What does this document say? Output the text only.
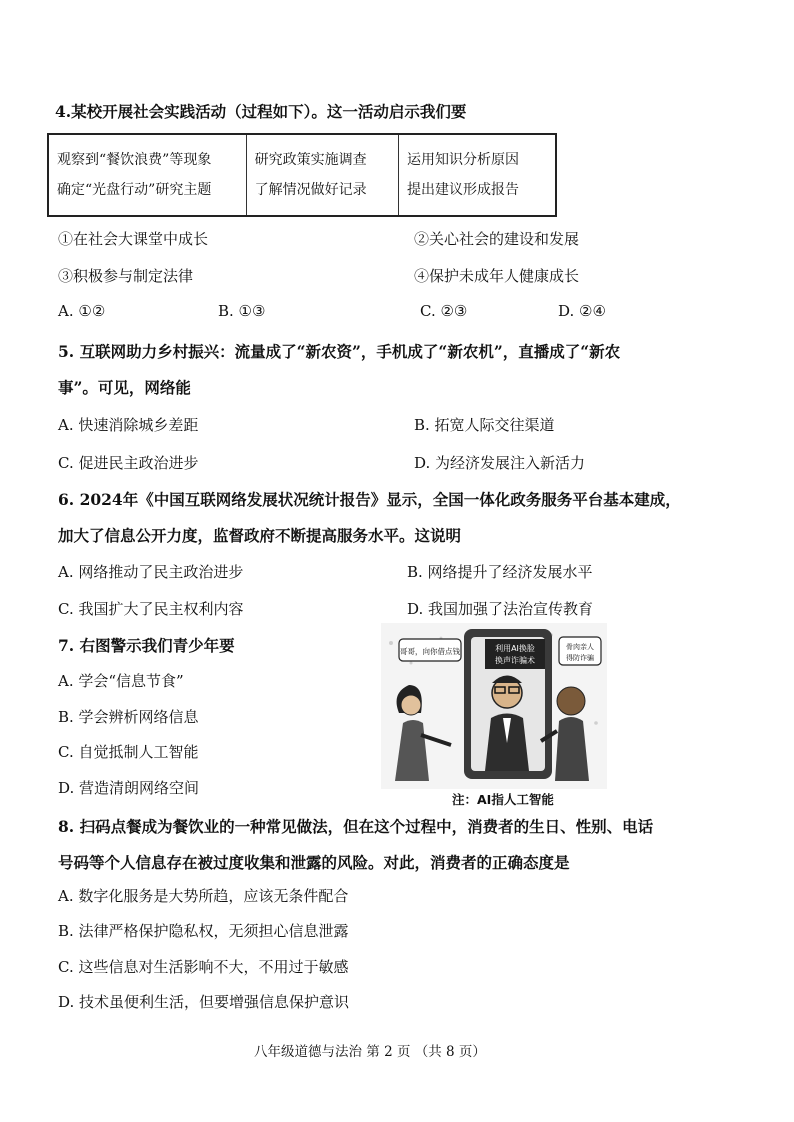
4.某校开展社会实践活动（过程如下）。这一活动启示我们要
观察到“餐饮浪费”等现象
确定“光盘行动”研究主题

研究政策实施调查
了解情况做好记录

运用知识分析原因
提出建议形成报告
①在社会大课堂中成长	②关心社会的建设和发展
③积极参与制定法律	④保护未成年人健康成长
A. ①②	B. ①③	C. ②③	D. ②④
5. 互联网助力乡村振兴：流量成了“新农资”，手机成了“新农机”，直播成了“新农
事”。可见，网络能
A. 快速消除城乡差距	B. 拓宽人际交往渠道
C. 促进民主政治进步	D. 为经济发展注入新活力
6. 2024年《中国互联网络发展状况统计报告》显示，全国一体化政务服务平台基本建成，
加大了信息公开力度，监督政府不断提高服务水平。这说明
A. 网络推动了民主政治进步	B. 网络提升了经济发展水平
C. 我国扩大了民主权利内容	D. 我国加强了法治宣传教育
7. 右图警示我们青少年要
A. 学会“信息节食”
B. 学会辨析网络信息
C. 自觉抵制人工智能
D. 营造清朗网络空间
利用AI换脸
换声诈骗术
哥哥，向你借点钱	骨肉亲人
得防诈骗
注：AI指人工智能
8. 扫码点餐成为餐饮业的一种常见做法，但在这个过程中，消费者的生日、性别、电话
号码等个人信息存在被过度收集和泄露的风险。对此，消费者的正确态度是
A. 数字化服务是大势所趋，应该无条件配合
B. 法律严格保护隐私权，无须担心信息泄露
C. 这些信息对生活影响不大，不用过于敏感
D. 技术虽便利生活，但要增强信息保护意识
八年级道德与法治 第 2 页 （共 8 页）
